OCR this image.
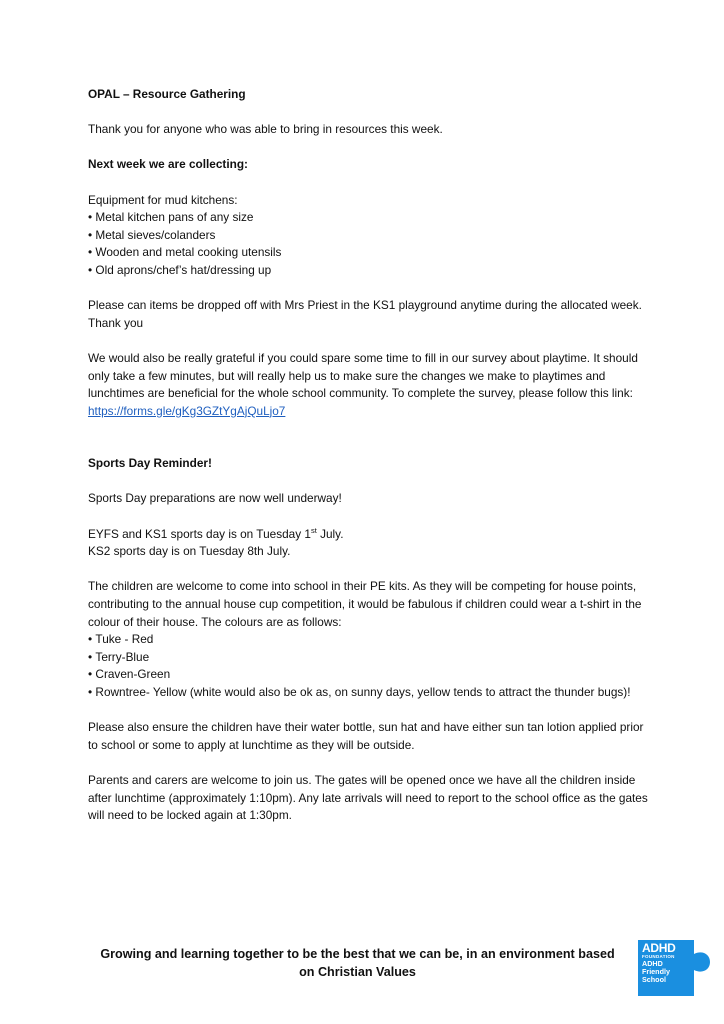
OPAL – Resource Gathering

Thank you for anyone who was able to bring in resources this week.

Next week we are collecting:

Equipment for mud kitchens:

• Metal kitchen pans of any size
• Metal sieves/colanders
• Wooden and metal cooking utensils
• Old aprons/chef’s hat/dressing up

Please can items be dropped off with Mrs Priest in the KS1 playground anytime during the allocated week. Thank you

We would also be really grateful if you could spare some time to fill in our survey about playtime. It should only take a few minutes, but will really help us to make sure the changes we make to playtimes and lunchtimes are beneficial for the whole school community. To complete the survey, please follow this link: https://forms.gle/gKg3GZtYgAjQuLjo7

Sports Day Reminder!

Sports Day preparations are now well underway!

EYFS and KS1 sports day is on Tuesday 1st July.

KS2 sports day is on Tuesday 8th July.

The children are welcome to come into school in their PE kits. As they will be competing for house points, contributing to the annual house cup competition, it would be fabulous if children could wear a t-shirt in the colour of their house. The colours are as follows:

• Tuke - Red
• Terry-Blue
• Craven-Green
• Rowntree- Yellow (white would also be ok as, on sunny days, yellow tends to attract the thunder bugs)!

Please also ensure the children have their water bottle, sun hat and have either sun tan lotion applied prior to school or some to apply at lunchtime as they will be outside.

Parents and carers are welcome to join us. The gates will be opened once we have all the children inside after lunchtime (approximately 1:10pm). Any late arrivals will need to report to the school office as the gates will need to be locked again at 1:30pm.

Growing and learning together to be the best that we can be, in an environment based
on Christian Values
ADHD
FOUNDATION
ADHD
Friendly
School
